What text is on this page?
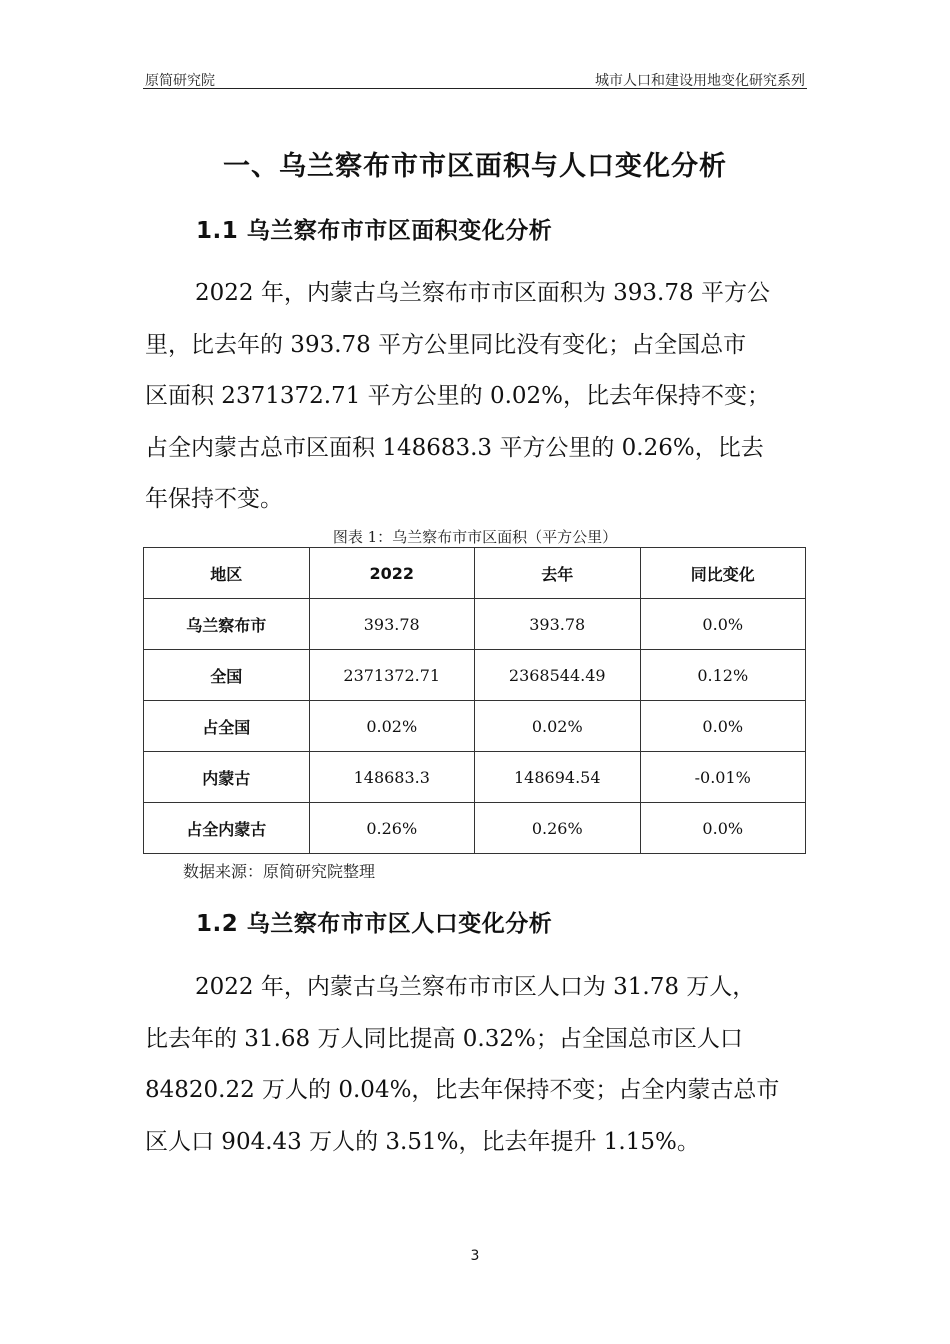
原简研究院	城市人口和建设用地变化研究系列
一、乌兰察布市市区面积与人口变化分析
1.1 乌兰察布市市区面积变化分析
2022 年，内蒙古乌兰察布市市区面积为 393.78 平方公
里，比去年的 393.78 平方公里同比没有变化；占全国总市
区面积 2371372.71 平方公里的 0.02%，比去年保持不变；
占全内蒙古总市区面积 148683.3 平方公里的 0.26%，比去
年保持不变。
图表 1：乌兰察布市市区面积（平方公里）
地区	2022	去年	同比变化
乌兰察布市	393.78	393.78	0.0%
全国	2371372.71	2368544.49	0.12%
占全国	0.02%	0.02%	0.0%
内蒙古	148683.3	148694.54	-0.01%
占全内蒙古	0.26%	0.26%	0.0%
数据来源：原简研究院整理
1.2 乌兰察布市市区人口变化分析
2022 年，内蒙古乌兰察布市市区人口为 31.78 万人，
比去年的 31.68 万人同比提高 0.32%；占全国总市区人口
84820.22 万人的 0.04%，比去年保持不变；占全内蒙古总市
区人口 904.43 万人的 3.51%，比去年提升 1.15%。
3
